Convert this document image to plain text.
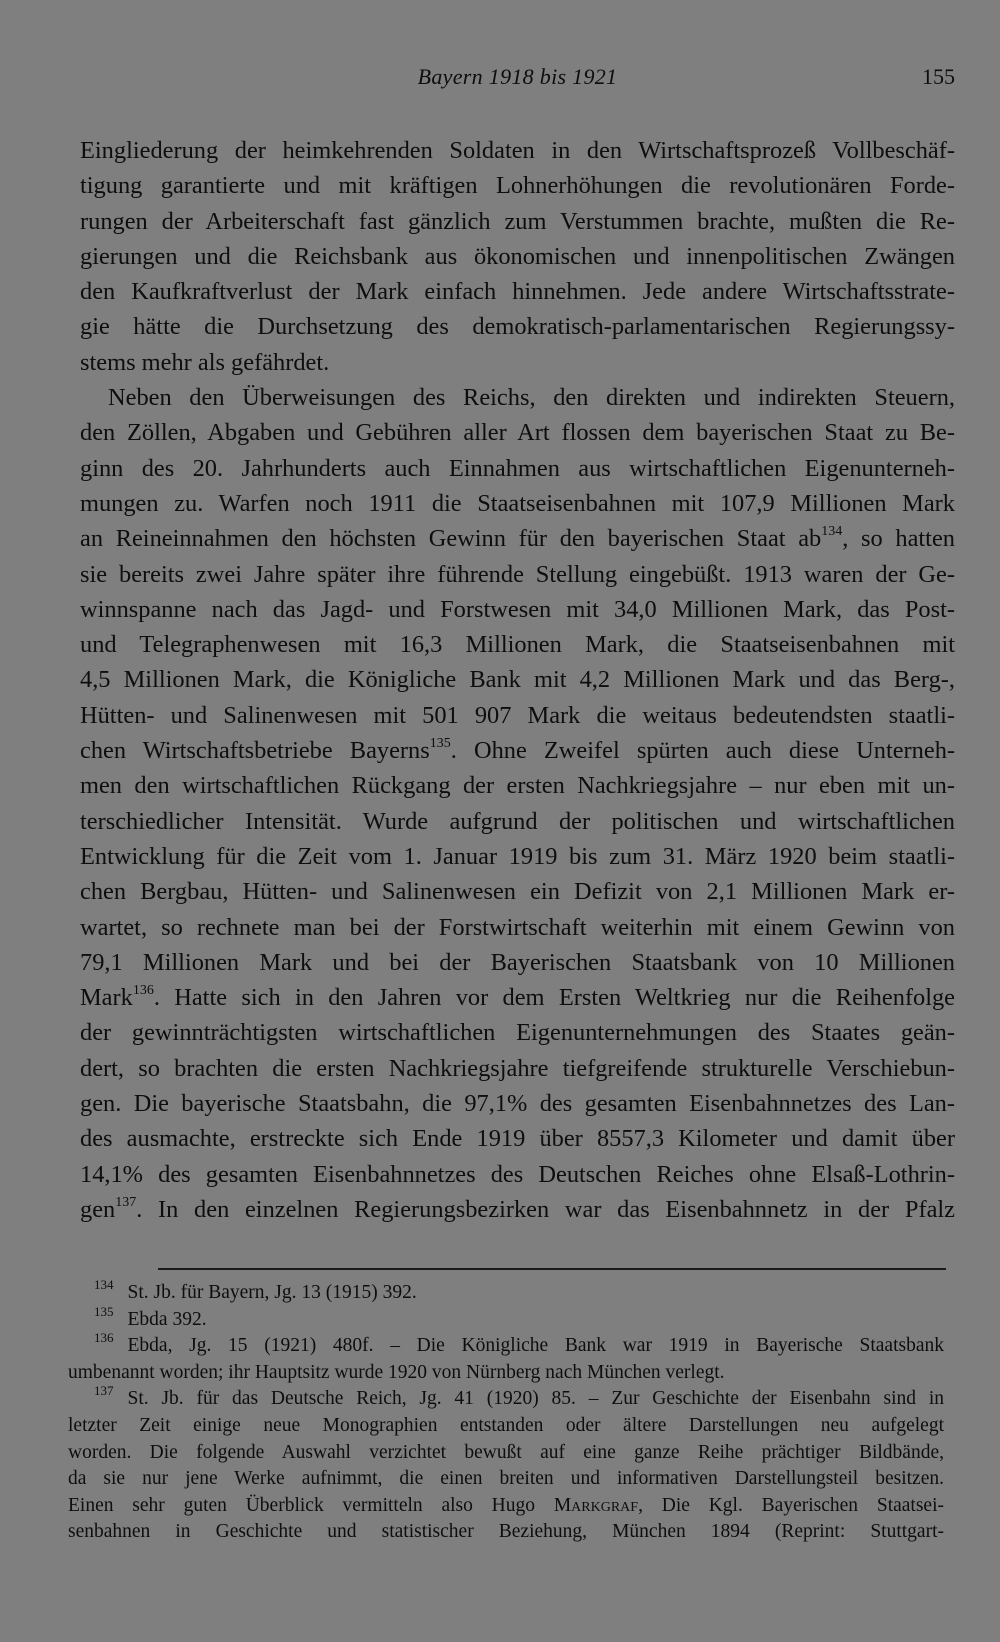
Bayern 1918 bis 1921	155
Eingliederung der heimkehrenden Soldaten in den Wirtschaftsprozeß Vollbeschäf-
tigung garantierte und mit kräftigen Lohnerhöhungen die revolutionären Forde-
rungen der Arbeiterschaft fast gänzlich zum Verstummen brachte, mußten die Re-
gierungen und die Reichsbank aus ökonomischen und innenpolitischen Zwängen
den Kaufkraftverlust der Mark einfach hinnehmen. Jede andere Wirtschaftsstrate-
gie hätte die Durchsetzung des demokratisch-parlamentarischen Regierungssy-
stems mehr als gefährdet.
Neben den Überweisungen des Reichs, den direkten und indirekten Steuern,
den Zöllen, Abgaben und Gebühren aller Art flossen dem bayerischen Staat zu Be-
ginn des 20. Jahrhunderts auch Einnahmen aus wirtschaftlichen Eigenunterneh-
mungen zu. Warfen noch 1911 die Staatseisenbahnen mit 107,9 Millionen Mark
an Reineinnahmen den höchsten Gewinn für den bayerischen Staat $ab^{134}$, so hatten
sie bereits zwei Jahre später ihre führende Stellung eingebüßt. 1913 waren der Ge-
winnspanne nach das Jagd- und Forstwesen mit 34,0 Millionen Mark, das Post-
und Telegraphenwesen mit 16,3 Millionen Mark, die Staatseisenbahnen mit
4,5 Millionen Mark, die Königliche Bank mit 4,2 Millionen Mark und das Berg-,
Hütten- und Salinenwesen mit 501 907 Mark die weitaus bedeutendsten staatli-
chen Wirtschaftsbetriebe Bayerns$^{135}$. Ohne Zweifel spürten auch diese Unterneh-
men den wirtschaftlichen Rückgang der ersten Nachkriegsjahre – nur eben mit un-
terschiedlicher Intensität. Wurde aufgrund der politischen und wirtschaftlichen
Entwicklung für die Zeit vom 1. Januar 1919 bis zum 31. März 1920 beim staatli-
chen Bergbau, Hütten- und Salinenwesen ein Defizit von 2,1 Millionen Mark er-
wartet, so rechnete man bei der Forstwirtschaft weiterhin mit einem Gewinn von
79,1 Millionen Mark und bei der Bayerischen Staatsbank von 10 Millionen
Mark$^{136}$. Hatte sich in den Jahren vor dem Ersten Weltkrieg nur die Reihenfolge
der gewinnträchtigsten wirtschaftlichen Eigenunternehmungen des Staates geän-
dert, so brachten die ersten Nachkriegsjahre tiefgreifende strukturelle Verschiebun-
gen. Die bayerische Staatsbahn, die 97,1% des gesamten Eisenbahnnetzes des Lan-
des ausmachte, erstreckte sich Ende 1919 über 8557,3 Kilometer und damit über
14,1% des gesamten Eisenbahnnetzes des Deutschen Reiches ohne Elsaß-Lothrin-
gen$^{137}$. In den einzelnen Regierungsbezirken war das Eisenbahnnetz in der Pfalz
$^{134}$ St. Jb. für Bayern, Jg. 13 (1915) 392.
$^{135}$ Ebda 392.
$^{136}$ Ebda, Jg. 15 (1921) 480f. – Die Königliche Bank war 1919 in Bayerische Staatsbank
umbenannt worden; ihr Hauptsitz wurde 1920 von Nürnberg nach München verlegt.
$^{137}$ St. Jb. für das Deutsche Reich, Jg. 41 (1920) 85. – Zur Geschichte der Eisenbahn sind in
letzter Zeit einige neue Monographien entstanden oder ältere Darstellungen neu aufgelegt
worden. Die folgende Auswahl verzichtet bewußt auf eine ganze Reihe prächtiger Bildbände,
da sie nur jene Werke aufnimmt, die einen breiten und informativen Darstellungsteil besitzen.
Einen sehr guten Überblick vermitteln also Hugo Markgraf, Die Kgl. Bayerischen Staatsei-
senbahnen in Geschichte und statistischer Beziehung, München 1894 (Reprint: Stuttgart-
